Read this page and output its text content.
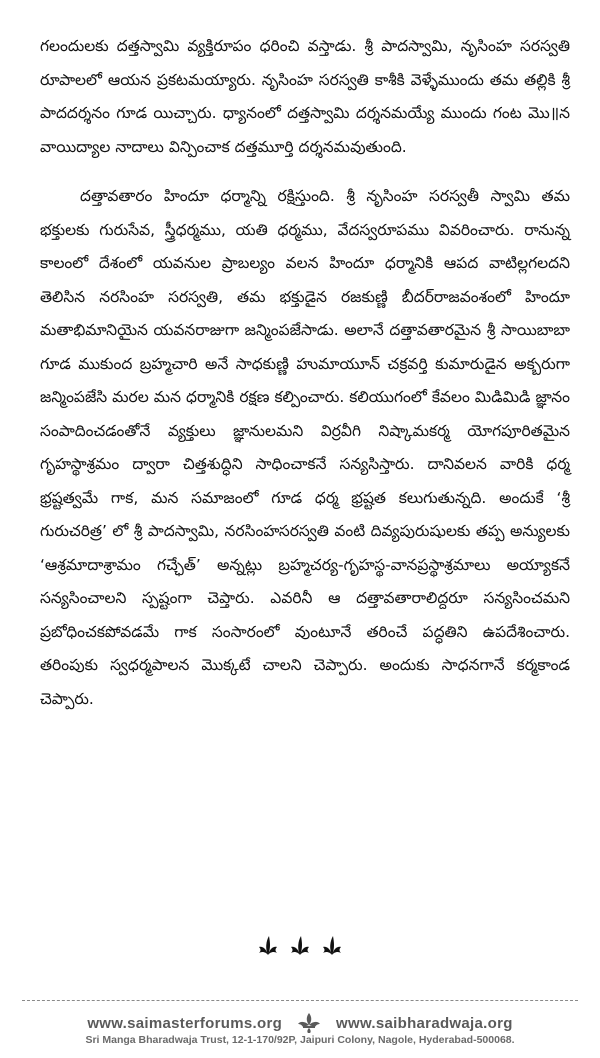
గలందులకు దత్తస్వామి వ్యక్తిరూపం ధరించి వస్తాడు. శ్రీ పాదస్వామి, నృసింహ సరస్వతి రూపాలలో ఆయన ప్రకటమయ్యారు. నృసింహ సరస్వతి కాశీకి వెళ్ళేముందు తమ తల్లికి శ్రీ పాదదర్శనం గూడ యిచ్చారు. ధ్యానంలో దత్తస్వామి దర్శనమయ్యే ముందు గంట మొ॥న వాయిద్యాల నాదాలు విన్పించాక దత్తమూర్తి దర్శనమవుతుంది.

దత్తావతారం హిందూ ధర్మాన్ని రక్షిస్తుంది. శ్రీ నృసింహ సరస్వతీ స్వామి తమ భక్తులకు గురుసేవ, స్త్రీధర్మము, యతి ధర్మము, వేదస్వరూపము వివరించారు. రానున్న కాలంలో దేశంలో యవనుల ప్రాబల్యం వలన హిందూ ధర్మానికి ఆపద వాటిల్లగలదని తెలిసిన నరసింహ సరస్వతి, తమ భక్తుడైన రజకుణ్ణి బీదర్‌రాజవంశంలో హిందూ మతాభిమానియైన యవనరాజుగా జన్మింపజేసాడు. అలానే దత్తావతారమైన శ్రీ సాయిబాబా గూడ ముకుంద బ్రహ్మచారి అనే సాధకుణ్ణి హుమాయూన్ చక్రవర్తి కుమారుడైన అక్బరుగా జన్మింపజేసి మరల మన ధర్మానికి రక్షణ కల్పించారు. కలియుగంలో కేవలం మిడిమిడి జ్ఞానం సంపాదించడంతోనే వ్యక్తులు జ్ఞానులమని విర్రవీగి నిష్కామకర్మ యోగపూరితమైన గృహస్థాశ్రమం ద్వారా చిత్తశుద్ధిని సాధించాకనే సన్యసిస్తారు. దానివలన వారికి ధర్మ భ్రష్టత్వమే గాక, మన సమాజంలో గూడ ధర్మ భ్రష్టత కలుగుతున్నది. అందుకే ‘శ్రీ గురుచరిత్ర’ లో శ్రీ పాదస్వామి, నరసింహసరస్వతి వంటి దివ్యపురుషులకు తప్ప అన్యులకు ‘ఆశ్రమాదాశ్రామం గచ్ఛేత్’ అన్నట్లు బ్రహ్మచర్య-గృహస్థ-వానప్రస్థాశ్రమాలు అయ్యాకనే సన్యసించాలని స్పష్టంగా చెప్తారు. ఎవరినీ ఆ దత్తావతారాలిద్దరూ సన్యసించమని ప్రబోధించకపోవడమే గాక సంసారంలో వుంటూనే తరించే పద్ధతిని ఉపదేశించారు. తరింపుకు స్వధర్మపాలన మొక్కటే చాలని చెప్పారు. అందుకు సాధనగానే కర్మకాండ చెప్పారు.

www.saimasterforums.org	www.saibharadwaja.org
Sri Manga Bharadwaja Trust, 12-1-170/92P, Jaipuri Colony, Nagole, Hyderabad-500068.
